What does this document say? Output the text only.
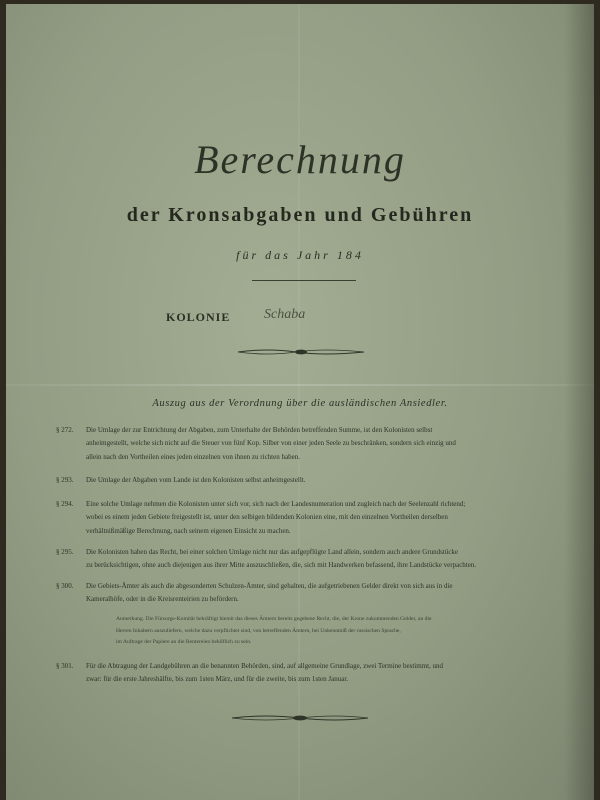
Berechnung
der Kronsabgaben und Gebühren
für das Jahr 184
KOLONIE Schaba
Auszug aus der Verordnung über die ausländischen Ansiedler.
§ 272. Die Umlage der zur Entrichtung der Abgaben, zum Unterhalte der Behörden betreffenden Summe, ist den Kolonisten selbst
anheimgestellt, welche sich nicht auf die Steuer von fünf Kop. Silber von einer jeden Seele zu beschränken, sondern sich einzig und
allein nach den Vortheilen eines jeden einzelnen von ihnen zu richten haben.
§ 293. Die Umlage der Abgaben vom Lande ist den Kolonisten selbst anheimgestellt.
§ 294. Eine solche Umlage nehmen die Kolonisten unter sich vor, sich nach der Landesnumeration und zugleich nach der Seelenzahl richtend;
wobei es einem jeden Gebiete freigestellt ist, unter den selbigen bildenden Kolonien eine, mit den einzelnen Vortheilen derselben
verhältnißmäßige Berechnung, nach seinem eigenen Einsicht zu machen.
§ 295. Die Kolonisten haben das Recht, bei einer solchen Umlage nicht nur das aufgepflügte Land allein, sondern auch andere Grundstücke
zu berücksichtigen, ohne auch diejenigen aus ihrer Mitte auszuschließen, die, sich mit Handwerken befassend, ihre Landstücke verpachten.
§ 300. Die Gebiets-Ämter als auch die abgesonderten Schulzen-Ämter, sind gehalten, die aufgetriebenen Gelder direkt von sich aus in die
Kameralhöfe, oder in die Kreisrenteirien zu befördern.
Anmerkung. Die Fürsorge-Komität bekräftigt hiemit das dieses Ämtern bereits gegebene Recht, die, der Krone zukommenden Gelder, an die
Herren Inhabern auszuliefern, welche dazu verpflichtet sind, von betreffenden Ämtern, bei Unkenntniß der russischen Sprache,
im Auftrage der Papiere an die Rentereien behilflich zu sein.
§ 301. Für die Abtragung der Landgebühren an die benannten Behörden, sind, auf allgemeine Grundlage, zwei Termine bestimmt, und
zwar: für die erste Jahreshälfte, bis zum 1sten März, und für die zweite, bis zum 1sten Januar.
